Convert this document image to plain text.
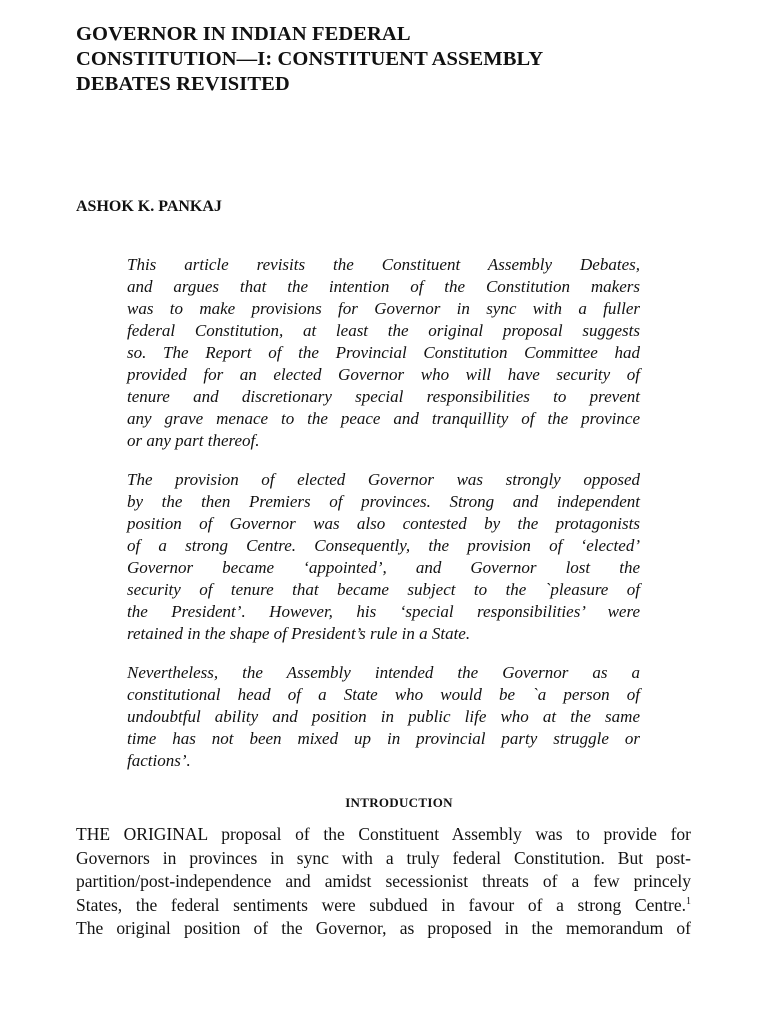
GOVERNOR IN INDIAN FEDERAL
CONSTITUTION—I: CONSTITUENT ASSEMBLY
DEBATES REVISITED

ASHOK K. PANKAJ

This article revisits the Constituent Assembly Debates,
and argues that the intention of the Constitution makers
was to make provisions for Governor in sync with a fuller
federal Constitution, at least the original proposal suggests
so. The Report of the Provincial Constitution Committee had
provided for an elected Governor who will have security of
tenure and discretionary special responsibilities to prevent
any grave menace to the peace and tranquillity of the province
or any part thereof.
The provision of elected Governor was strongly opposed
by the then Premiers of provinces. Strong and independent
position of Governor was also contested by the protagonists
of a strong Centre. Consequently, the provision of ‘elected’
Governor became ‘appointed’, and Governor lost the
security of tenure that became subject to the `pleasure of
the President’. However, his ‘special responsibilities’ were
retained in the shape of President’s rule in a State.
Nevertheless, the Assembly intended the Governor as a
constitutional head of a State who would be `a person of
undoubtful ability and position in public life who at the same
time has not been mixed up in provincial party struggle or
factions’.
INTRODUCTION
THE ORIGINAL proposal of the Constituent Assembly was to provide for
Governors in provinces in sync with a truly federal Constitution. But post-
partition/post-independence and amidst secessionist threats of a few princely
States, the federal sentiments were subdued in favour of a strong Centre.$^1$
The original position of the Governor, as proposed in the memorandum of
